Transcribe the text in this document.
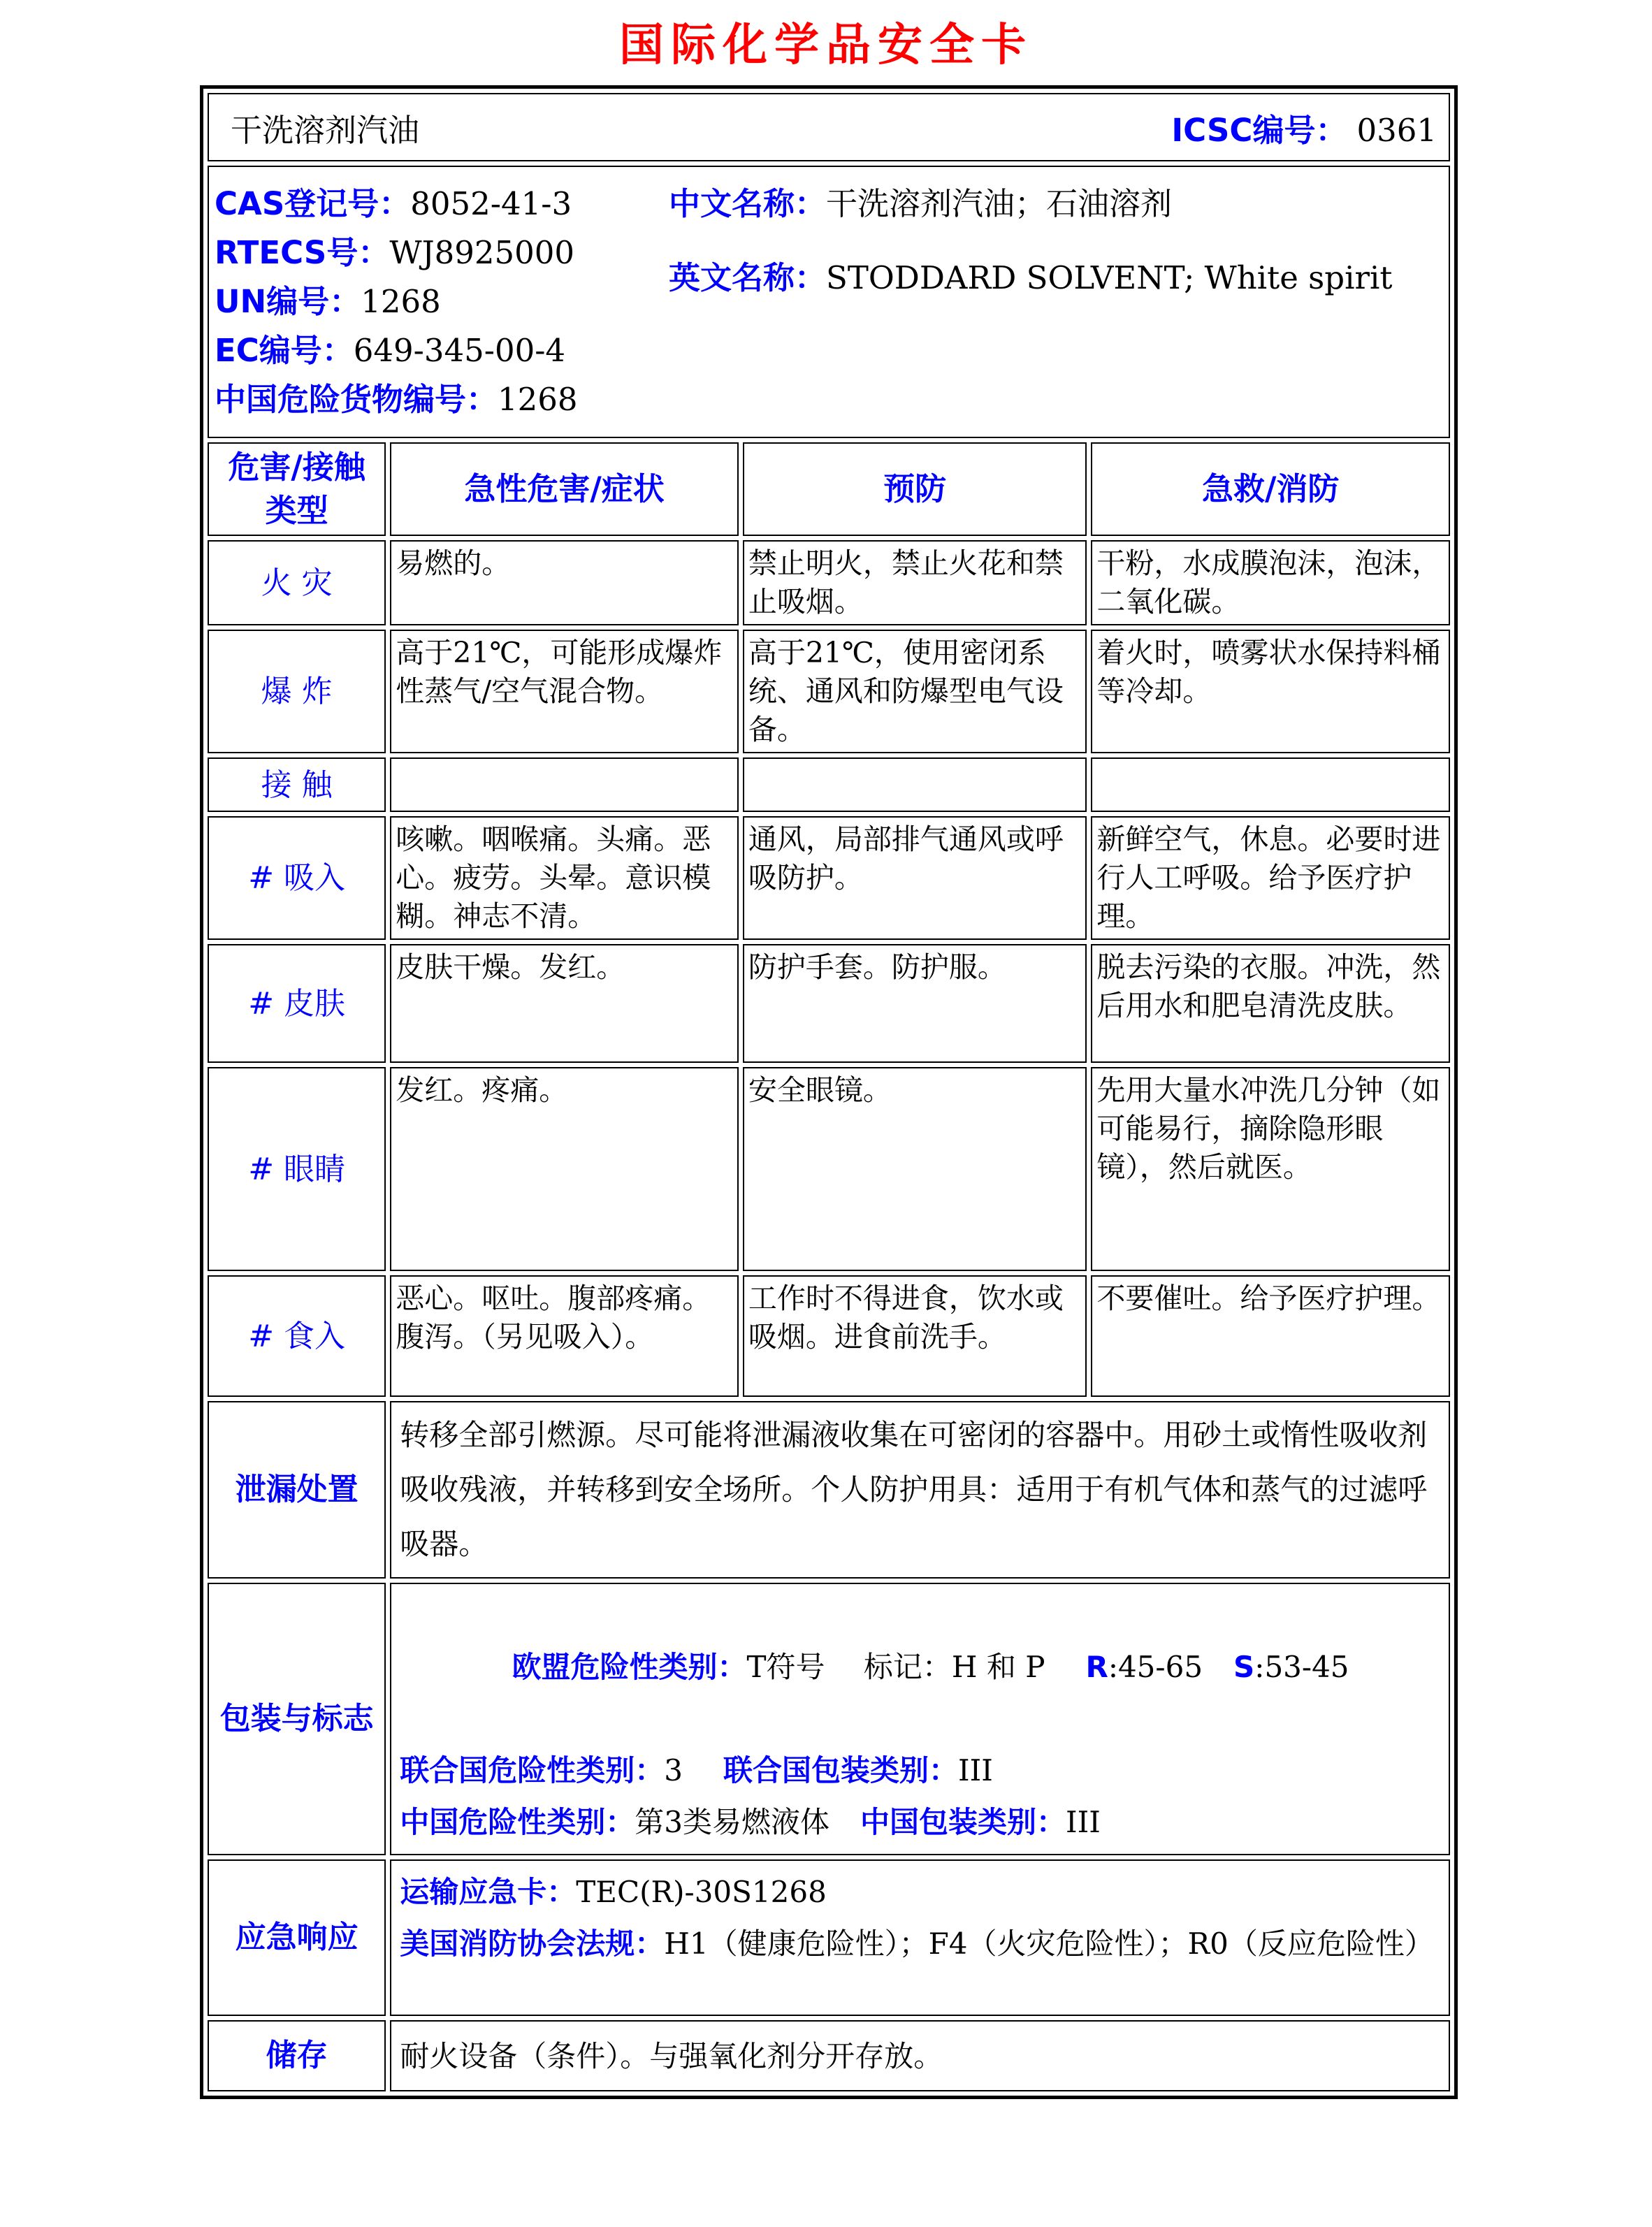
国际化学品安全卡
干洗溶剂汽油 ICSC编号： 0361			

CAS登记号：8052-41-3
RTECS号：WJ8925000
UN编号：1268
EC编号：649-345-00-4
中国危险货物编号：1268
中文名称：干洗溶剂汽油；石油溶剂
英文名称：STODDARD SOLVENT; White spirit

危害/接触
类型	急性危害/症状	预防	急救/消防
火 灾	易燃的。	禁止明火，禁止火花和禁止吸烟。	干粉，水成膜泡沫，泡沫，二氧化碳。
爆 炸	高于21℃，可能形成爆炸性蒸气/空气混合物。	高于21℃，使用密闭系统、通风和防爆型电气设备。	着火时，喷雾状水保持料桶等冷却。
接 触			
# 吸入	咳嗽。咽喉痛。头痛。恶心。疲劳。头晕。意识模糊。神志不清。	通风，局部排气通风或呼吸防护。	新鲜空气，休息。必要时进行人工呼吸。给予医疗护理。
# 皮肤	皮肤干燥。发红。	防护手套。防护服。	脱去污染的衣服。冲洗，然后用水和肥皂清洗皮肤。
# 眼睛	发红。疼痛。	安全眼镜。	先用大量水冲洗几分钟（如可能易行，摘除隐形眼镜），然后就医。
# 食入	恶心。呕吐。腹部疼痛。腹泻。（另见吸入）。	工作时不得进食，饮水或吸烟。进食前洗手。	不要催吐。给予医疗护理。
泄漏处置	转移全部引燃源。尽可能将泄漏液收集在可密闭的容器中。用砂土或惰性吸收剂吸收残液，并转移到安全场所。个人防护用具：适用于有机气体和蒸气的过滤呼吸器。		
包装与标志	欧盟危险性类别：T符号　 标记：H 和 P R:45-65 S:53-45

联合国危险性类别：3 联合国包装类别：III
中国危险性类别：第3类易燃液体 中国包装类别：III		

应急响应	运输应急卡：TEC(R)-30S1268
美国消防协会法规：H1（健康危险性）；F4（火灾危险性）；R0（反应危险性）		

储存	耐火设备（条件）。与强氧化剂分开存放。		
